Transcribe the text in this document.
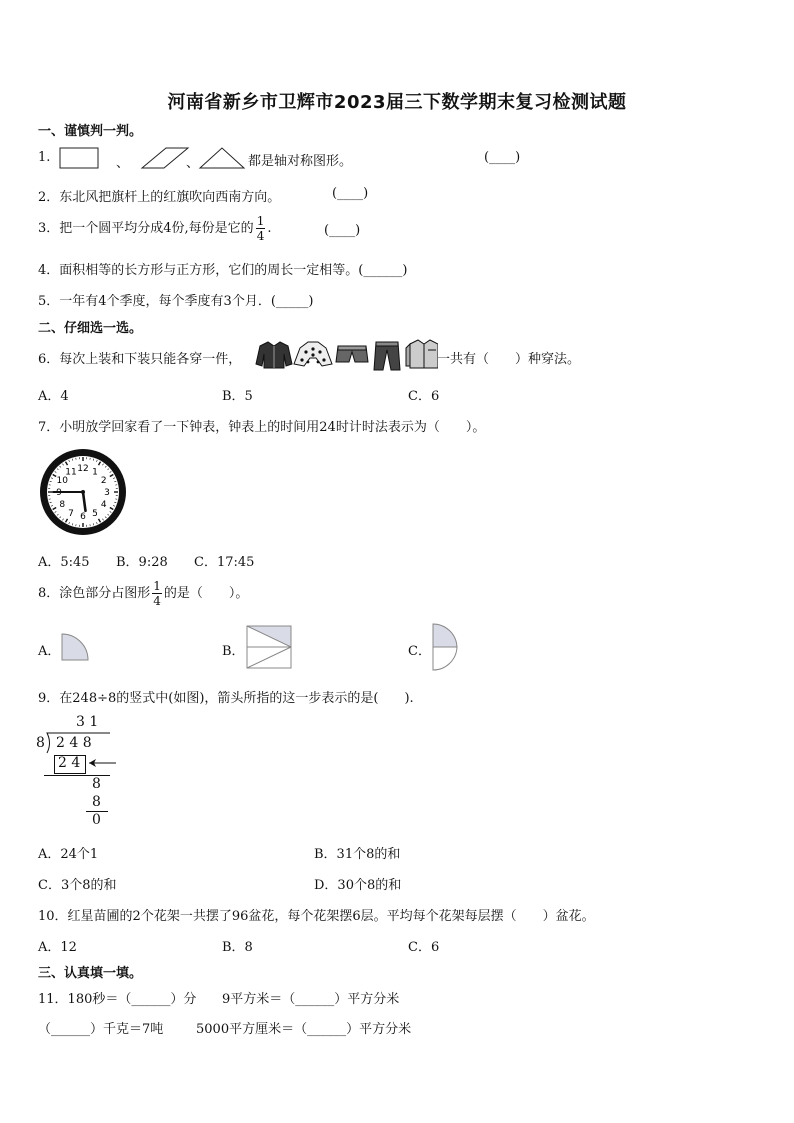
河南省新乡市卫辉市2023届三下数学期末复习检测试题
一、谨慎判一判。
1.	、	、	都是轴对称图形。	(____)
2．东北风把旗杆上的红旗吹向西南方向。	(____)
3．把一个圆平均分成4份,每份是它的 $\frac{1}{4}$ .	(____)
4．面积相等的长方形与正方形，它们的周长一定相等。(______)
5．一年有4个季度，每个季度有3个月．(_____)
二、仔细选一选。
6．每次上装和下装只能各穿一件，	一共有（　　）种穿法。
A．4	B．5	C．6
7．小明放学回家看了一下钟表，钟表上的时间用24时计时法表示为（　　）。
12 1
2
3
4
5
6
7
8
9
10
11
A．5:45 B．9:28 C．17:45
8．涂色部分占图形 $\frac{1}{4}$ 的是（　　）。
A．	B．	C．
9．在248÷8的竖式中(如图)，箭头所指的这一步表示的是(　　).
3 1
8 2 4 8
2 4
8
8
0
A．24个1	B．31个8的和
C．3个8的和	D．30个8的和
10．红星苗圃的2个花架一共摆了96盆花，每个花架摆6层。平均每个花架每层摆（　　）盆花。
A．12	B．8	C．6
三、认真填一填。
11．180秒＝（______）分 9平方米＝（______）平方分米
（______）千克＝7吨	5000平方厘米＝（______）平方分米
